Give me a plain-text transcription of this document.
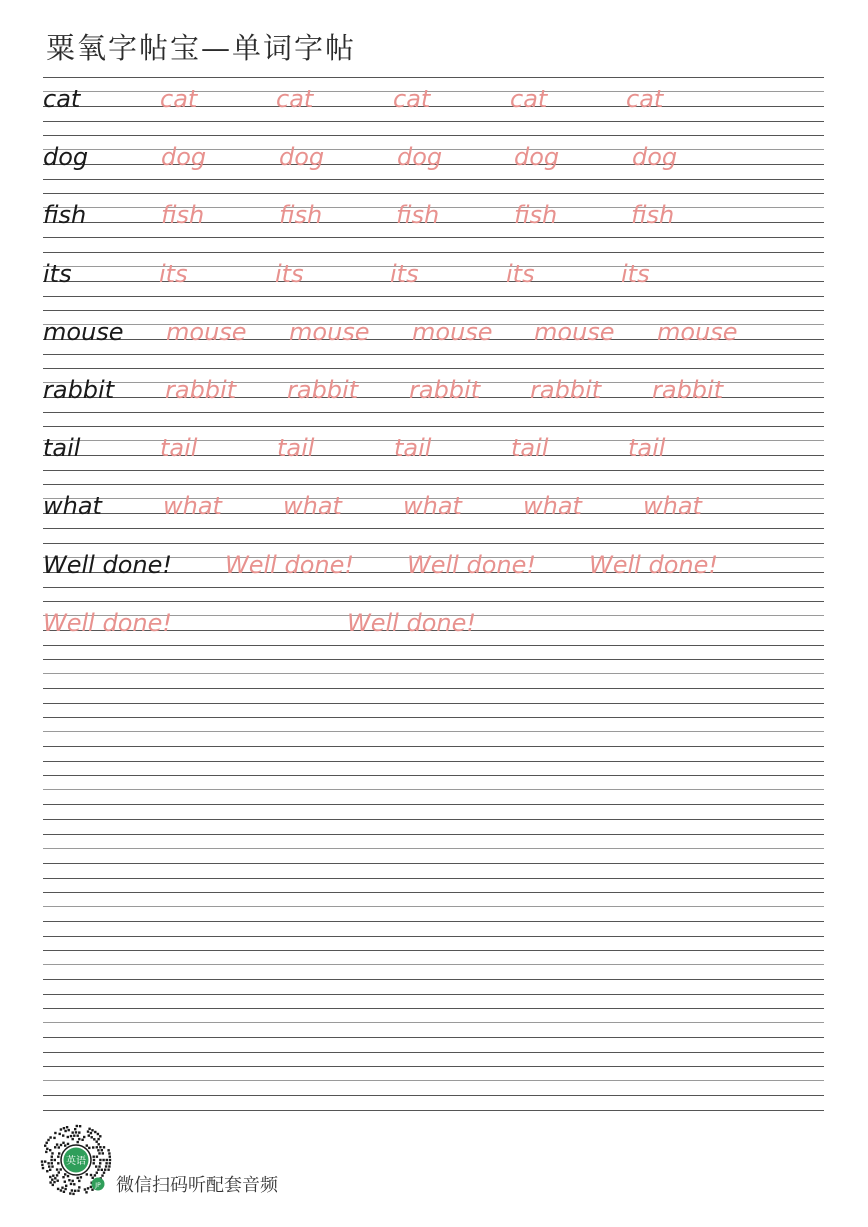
粟氧字帖宝—单词字帖
cat	cat	cat	cat	cat	cat
dog	dog	dog	dog	dog	dog
fish	fish	fish	fish	fish	fish
its	its	its	its	its	its
mouse mouse mouse mouse mouse mouse
rabbit rabbit rabbit rabbit rabbit rabbit
tail	tail	tail	tail	tail	tail
what	what	what	what	what	what
Well done! Well done! Well done! Well done!
Well done!	Well done!
英语
JP 微信扫码听配套音频
